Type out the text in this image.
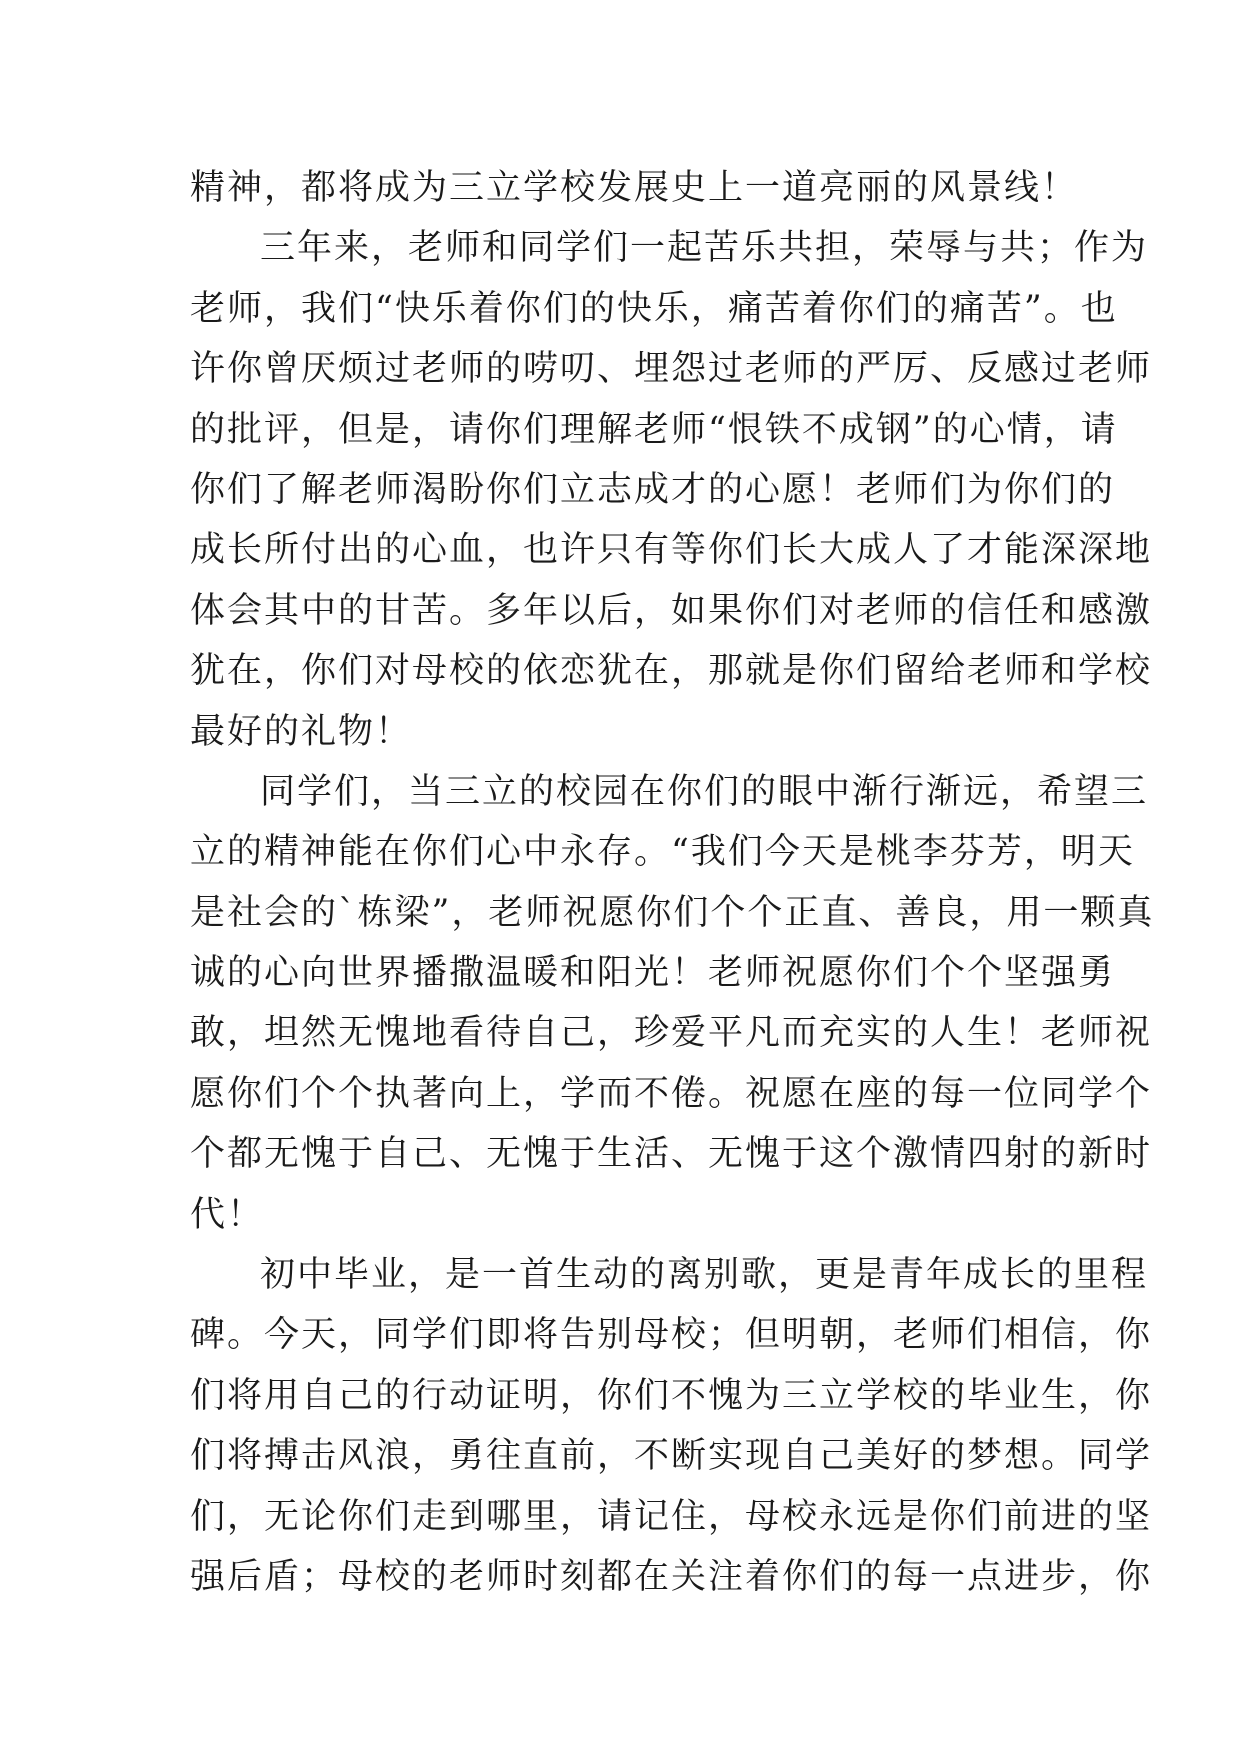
精神，都将成为三立学校发展史上一道亮丽的风景线！
三年来，老师和同学们一起苦乐共担，荣辱与共；作为
老师，我们“快乐着你们的快乐，痛苦着你们的痛苦”。也
许你曾厌烦过老师的唠叨、埋怨过老师的严厉、反感过老师
的批评，但是，请你们理解老师“恨铁不成钢”的心情，请
你们了解老师渴盼你们立志成才的心愿！老师们为你们的
成长所付出的心血，也许只有等你们长大成人了才能深深地
体会其中的甘苦。多年以后，如果你们对老师的信任和感激
犹在，你们对母校的依恋犹在，那就是你们留给老师和学校
最好的礼物！
同学们，当三立的校园在你们的眼中渐行渐远，希望三
立的精神能在你们心中永存。“我们今天是桃李芬芳，明天
是社会的`栋梁”，老师祝愿你们个个正直、善良，用一颗真
诚的心向世界播撒温暖和阳光！老师祝愿你们个个坚强勇
敢，坦然无愧地看待自己，珍爱平凡而充实的人生！老师祝
愿你们个个执著向上，学而不倦。祝愿在座的每一位同学个
个都无愧于自己、无愧于生活、无愧于这个激情四射的新时
代！
初中毕业，是一首生动的离别歌，更是青年成长的里程
碑。今天，同学们即将告别母校；但明朝，老师们相信，你
们将用自己的行动证明，你们不愧为三立学校的毕业生，你
们将搏击风浪，勇往直前，不断实现自己美好的梦想。同学
们，无论你们走到哪里，请记住，母校永远是你们前进的坚
强后盾；母校的老师时刻都在关注着你们的每一点进步，你
